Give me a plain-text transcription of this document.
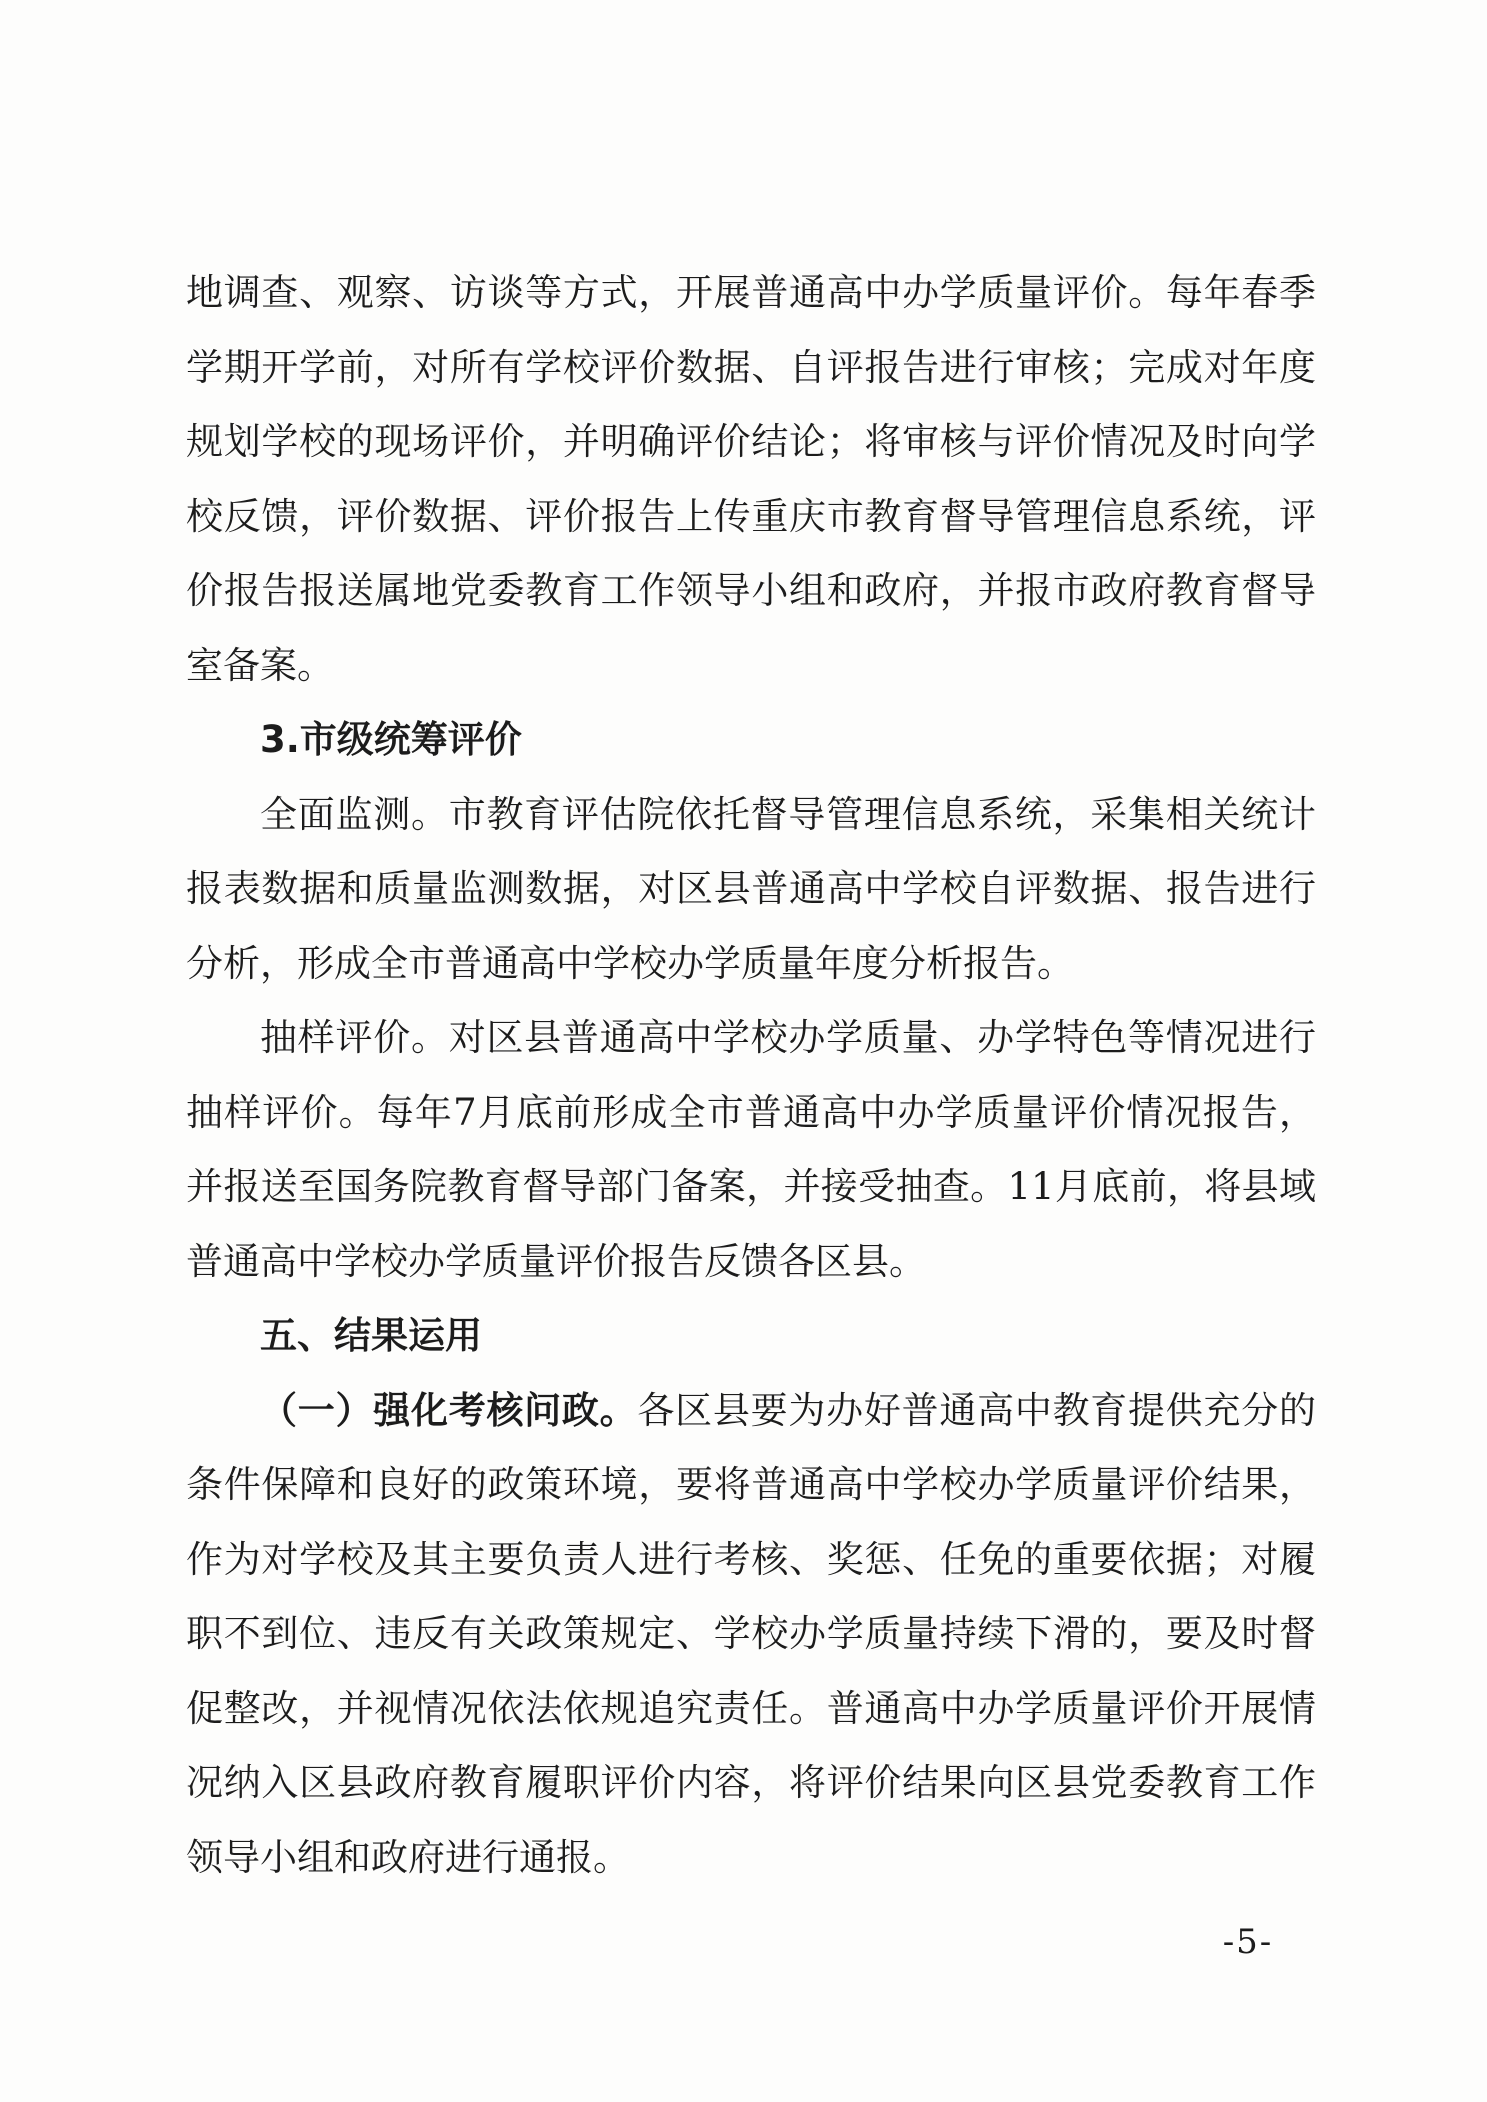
地调查、观察、访谈等方式，开展普通高中办学质量评价。每年春季学期开学前，对所有学校评价数据、自评报告进行审核；完成对年度规划学校的现场评价，并明确评价结论；将审核与评价情况及时向学校反馈，评价数据、评价报告上传重庆市教育督导管理信息系统，评价报告报送属地党委教育工作领导小组和政府，并报市政府教育督导室备案。

3.市级统筹评价

全面监测。市教育评估院依托督导管理信息系统，采集相关统计报表数据和质量监测数据，对区县普通高中学校自评数据、报告进行分析，形成全市普通高中学校办学质量年度分析报告。

抽样评价。对区县普通高中学校办学质量、办学特色等情况进行抽样评价。每年7月底前形成全市普通高中办学质量评价情况报告，并报送至国务院教育督导部门备案，并接受抽查。11月底前，将县域普通高中学校办学质量评价报告反馈各区县。

五、结果运用

（一）强化考核问政。各区县要为办好普通高中教育提供充分的条件保障和良好的政策环境，要将普通高中学校办学质量评价结果，作为对学校及其主要负责人进行考核、奖惩、任免的重要依据；对履职不到位、违反有关政策规定、学校办学质量持续下滑的，要及时督促整改，并视情况依法依规追究责任。普通高中办学质量评价开展情况纳入区县政府教育履职评价内容，将评价结果向区县党委教育工作领导小组和政府进行通报。

-5-
